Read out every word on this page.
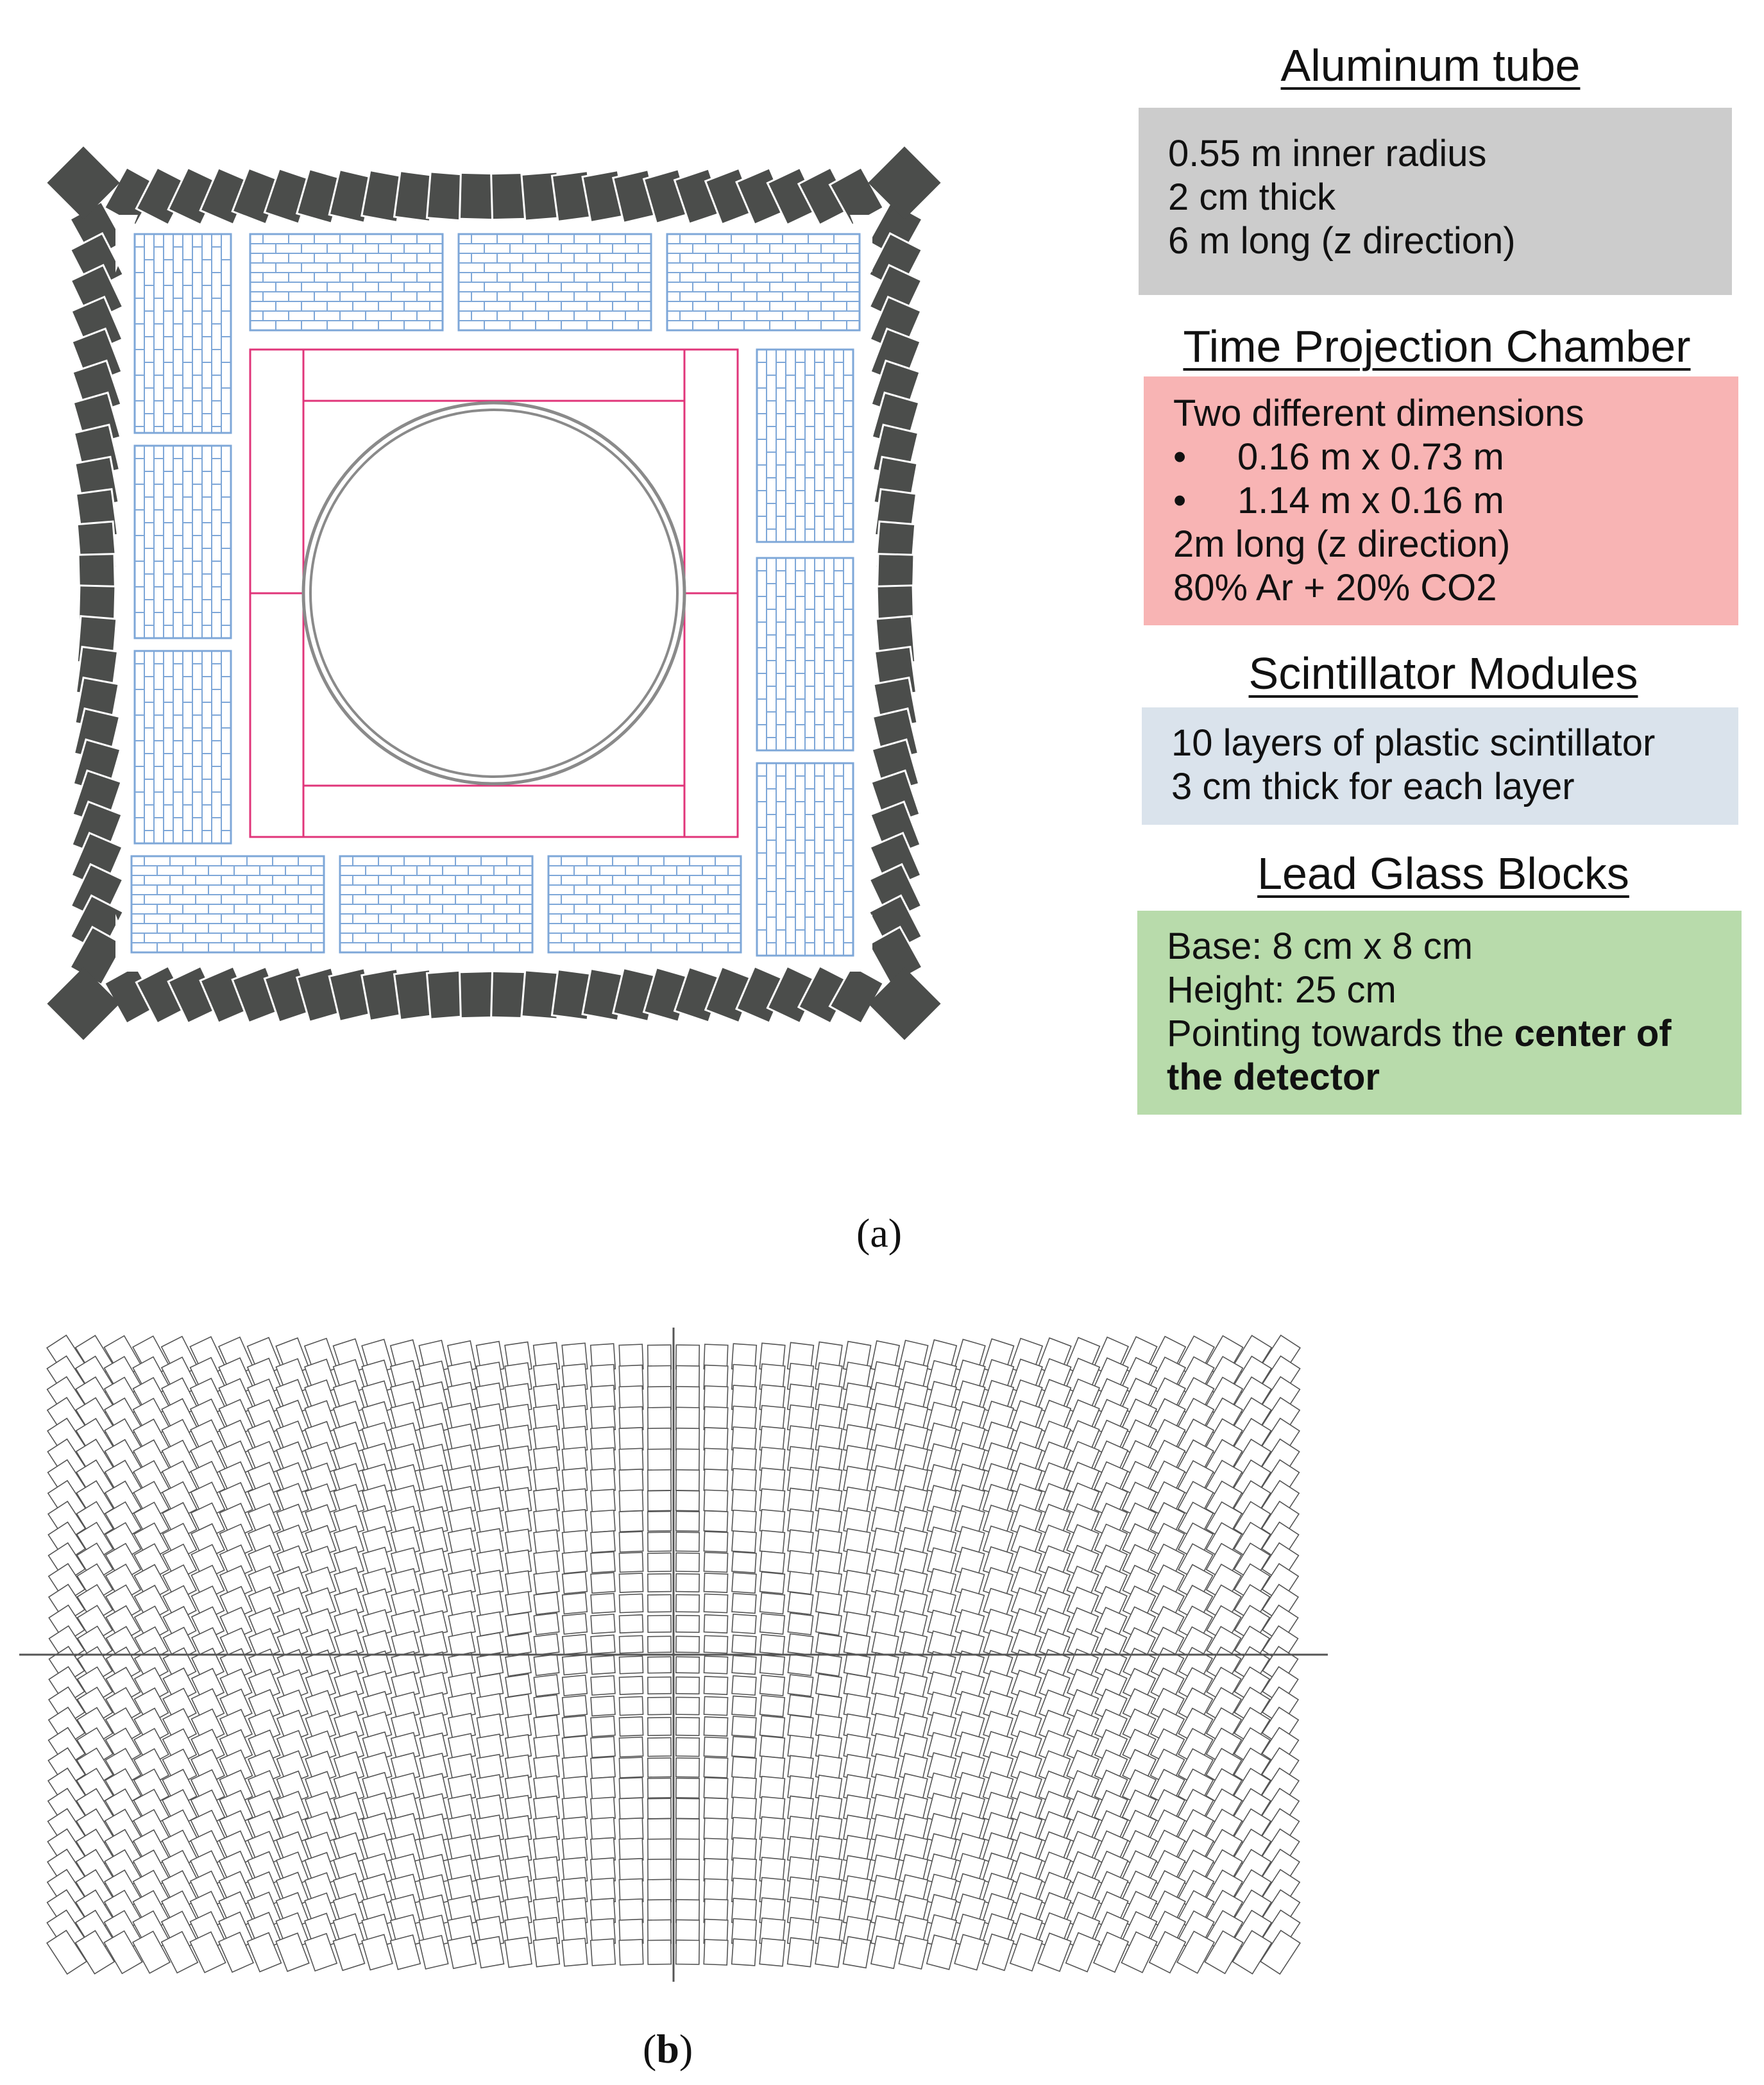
Aluminum tube

0.55 m inner radius

2 cm thick

6 m long (z direction)

Time Projection Chamber

Two different dimensions

•	0.16 m x 0.73 m

•	1.14 m x 0.16 m

2m long (z direction)

80% Ar + 20% CO2

Scintillator Modules

10 layers of plastic scintillator

3 cm thick for each layer

Lead Glass Blocks

Base: 8 cm x 8 cm

Height: 25 cm

Pointing towards the center of

the detector

(a)
(b)
